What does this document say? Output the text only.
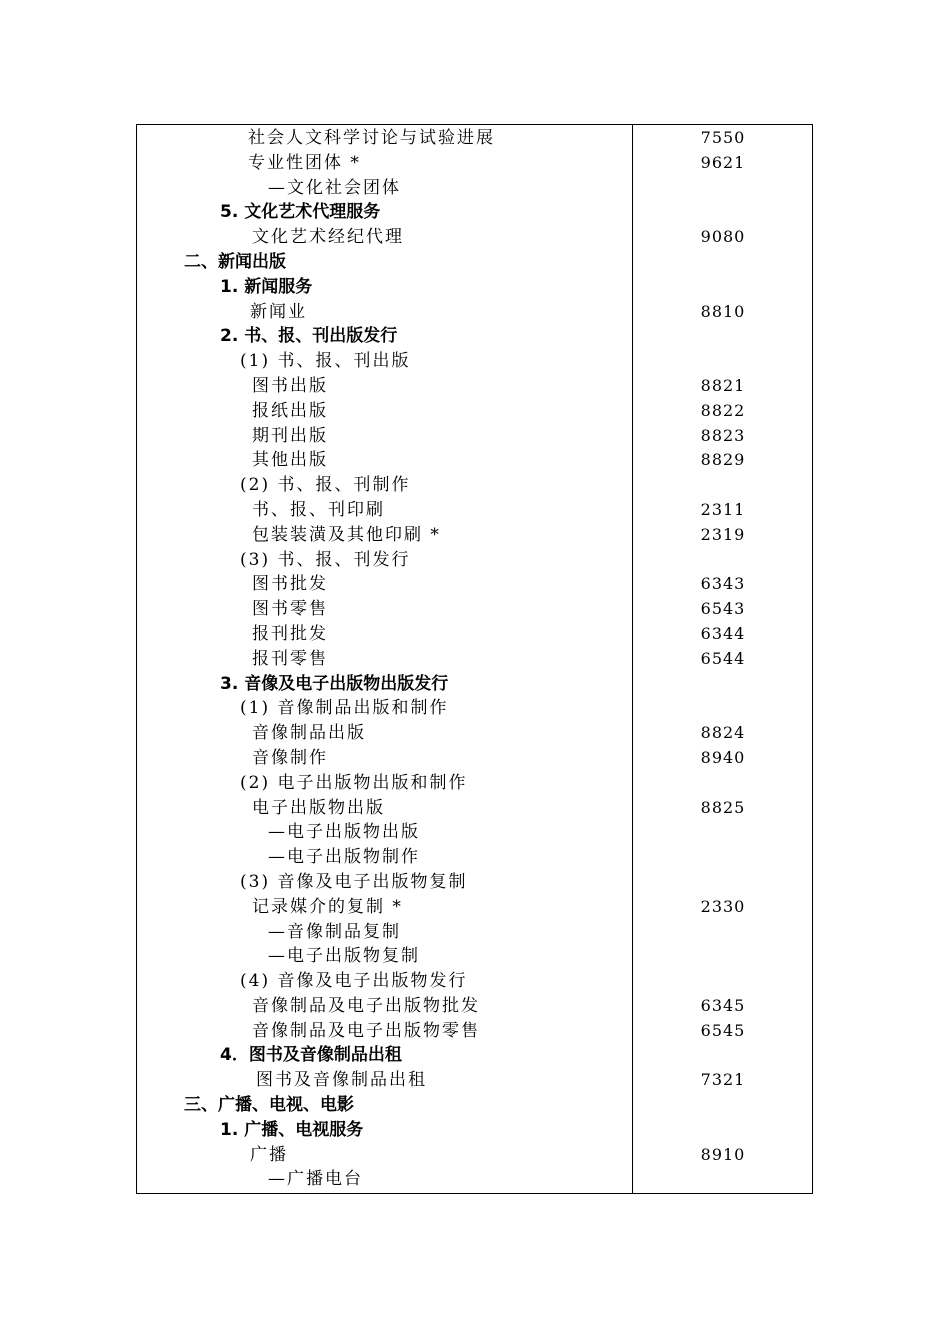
社会人文科学讨论与试验进展	7550
专业性团体 *	9621
—文化社会团体
5. 文化艺术代理服务
文化艺术经纪代理	9080
二、新闻出版
1. 新闻服务
新闻业	8810
2. 书、报、刊出版发行
(1) 书、报、刊出版
图书出版	8821
报纸出版	8822
期刊出版	8823
其他出版	8829
(2) 书、报、刊制作
书、报、刊印刷	2311
包装装潢及其他印刷 *	2319
(3) 书、报、刊发行
图书批发	6343
图书零售	6543
报刊批发	6344
报刊零售	6544
3. 音像及电子出版物出版发行
(1) 音像制品出版和制作
音像制品出版	8824
音像制作	8940
(2) 电子出版物出版和制作
电子出版物出版	8825
—电子出版物出版
—电子出版物制作
(3) 音像及电子出版物复制
记录媒介的复制 *	2330
—音像制品复制
—电子出版物复制
(4) 音像及电子出版物发行
音像制品及电子出版物批发	6345
音像制品及电子出版物零售	6545
4．图书及音像制品出租
图书及音像制品出租	7321
三、广播、电视、电影
1. 广播、电视服务
广播	8910
—广播电台
